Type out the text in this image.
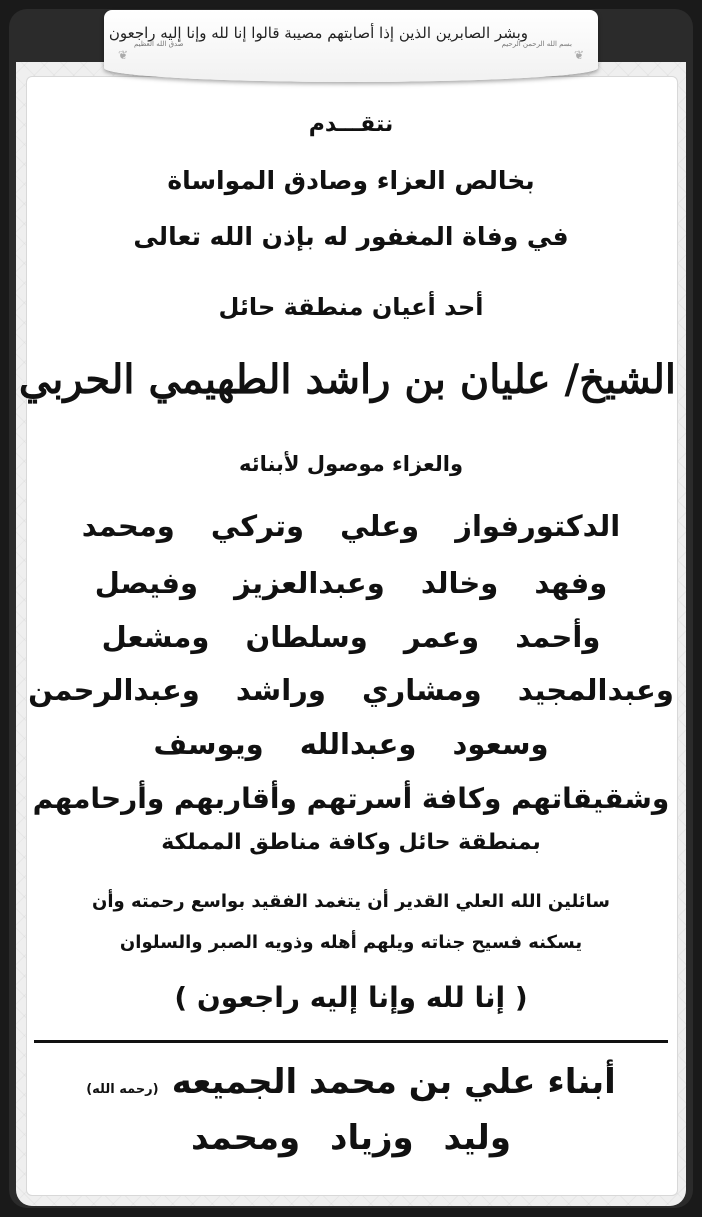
❦
صدق الله العظيم
وبشر الصابرين الذين إذا أصابتهم مصيبة قالوا إنا لله وإنا إليه راجعون
بسم الله الرحمن الرحيم
❦
نتقـــدم
بخالص العزاء وصادق المواساة
في وفاة المغفور له بإذن الله تعالى
أحد أعيان منطقة حائل
الشيخ/ عليان بن راشد الطهيمي الحربي
والعزاء موصول لأبنائه
الدكتورفواز وعلي وتركي ومحمد
وفهد وخالد وعبدالعزيز وفيصل
وأحمد وعمر وسلطان ومشعل
وعبدالمجيد ومشاري وراشد وعبدالرحمن
وسعود وعبدالله ويوسف
وشقيقاتهم وكافة أسرتهم وأقاربهم وأرحامهم
بمنطقة حائل وكافة مناطق المملكة
سائلين الله العلي القدير أن يتغمد الفقيد بواسع رحمته وأن
يسكنه فسيح جناته ويلهم أهله وذويه الصبر والسلوان
( إنا لله وإنا إليه راجعون )
أبناء علي بن محمد الجميعه (رحمه الله)
وليد وزياد ومحمد
